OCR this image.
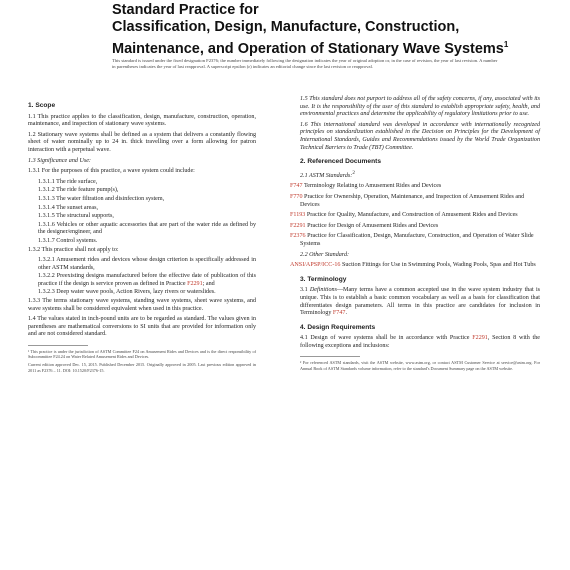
Standard Practice for
Classification, Design, Manufacture, Construction,
Maintenance, and Operation of Stationary Wave Systems$^1$
This standard is issued under the fixed designation F2376; the number immediately following the designation indicates the year of original adoption or, in the case of revision, the year of last revision. A number in parentheses indicates the year of last reapproval. A superscript epsilon (ε) indicates an editorial change since the last revision or reapproval.
1. Scope

1.1 This practice applies to the classification, design, manufacture, construction, operation, maintenance, and inspection of stationary wave systems.

1.2 Stationary wave systems shall be defined as a system that delivers a constantly flowing sheet of water nominally up to 24 in. thick travelling over a form allowing for patron interaction with a perpetual wave.

1.3 Significance and Use:

1.3.1 For the purposes of this practice, a wave system could include:

1.3.1.1 The ride surface,

1.3.1.2 The ride feature pump(s),

1.3.1.3 The water filtration and disinfection system,

1.3.1.4 The sunset areas,

1.3.1.5 The structural supports,

1.3.1.6 Vehicles or other aquatic accessories that are part of the water ride as defined by the designer/engineer, and

1.3.1.7 Control systems.

1.3.2 This practice shall not apply to:

1.3.2.1 Amusement rides and devices whose design criterion is specifically addressed in other ASTM standards,

1.3.2.2 Preexisting designs manufactured before the effective date of publication of this practice if the design is service proven as defined in Practice F2291; and

1.3.2.3 Deep water wave pools, Action Rivers, lazy rivers or waterslides.

1.3.3 The terms stationary wave systems, standing wave systems, sheet wave systems, and wave systems shall be considered equivalent when used in this practice.

1.4 The values stated in inch-pound units are to be regarded as standard. The values given in parentheses are mathematical conversions to SI units that are provided for information only and are not considered standard.

¹ This practice is under the jurisdiction of ASTM Committee F24 on Amusement Rides and Devices and is the direct responsibility of Subcommittee F24.24 on Water Related Amusement Rides and Devices.

Current edition approved Dec. 15, 2015. Published December 2015. Originally approved in 2005. Last previous edition approved in 2011 as F2376 – 11. DOI: 10.1520/F2376-15.

1.5 This standard does not purport to address all of the safety concerns, if any, associated with its use. It is the responsibility of the user of this standard to establish appropriate safety, health, and environmental practices and determine the applicability of regulatory limitations prior to use.

1.6 This international standard was developed in accordance with internationally recognized principles on standardization established in the Decision on Principles for the Development of International Standards, Guides and Recommendations issued by the World Trade Organization Technical Barriers to Trade (TBT) Committee.

2. Referenced Documents

2.1 ASTM Standards:$^2$

F747 Terminology Relating to Amusement Rides and Devices

F770 Practice for Ownership, Operation, Maintenance, and Inspection of Amusement Rides and Devices

F1193 Practice for Quality, Manufacture, and Construction of Amusement Rides and Devices

F2291 Practice for Design of Amusement Rides and Devices

F2376 Practice for Classification, Design, Manufacture, Construction, and Operation of Water Slide Systems

2.2 Other Standard:

ANSI/APSP/ICC-16 Suction Fittings for Use in Swimming Pools, Wading Pools, Spas and Hot Tubs

3. Terminology

3.1 Definitions—Many terms have a common accepted use in the wave system industry that is unique. This is to establish a basic common vocabulary as well as a basis for classification that differentiates design parameters. All terms in this practice are candidates for inclusion in Terminology F747.

4. Design Requirements

4.1 Design of wave systems shall be in accordance with Practice F2291, Section 8 with the following exceptions and inclusions:

² For referenced ASTM standards, visit the ASTM website, www.astm.org, or contact ASTM Customer Service at service@astm.org. For Annual Book of ASTM Standards volume information, refer to the standard's Document Summary page on the ASTM website.
